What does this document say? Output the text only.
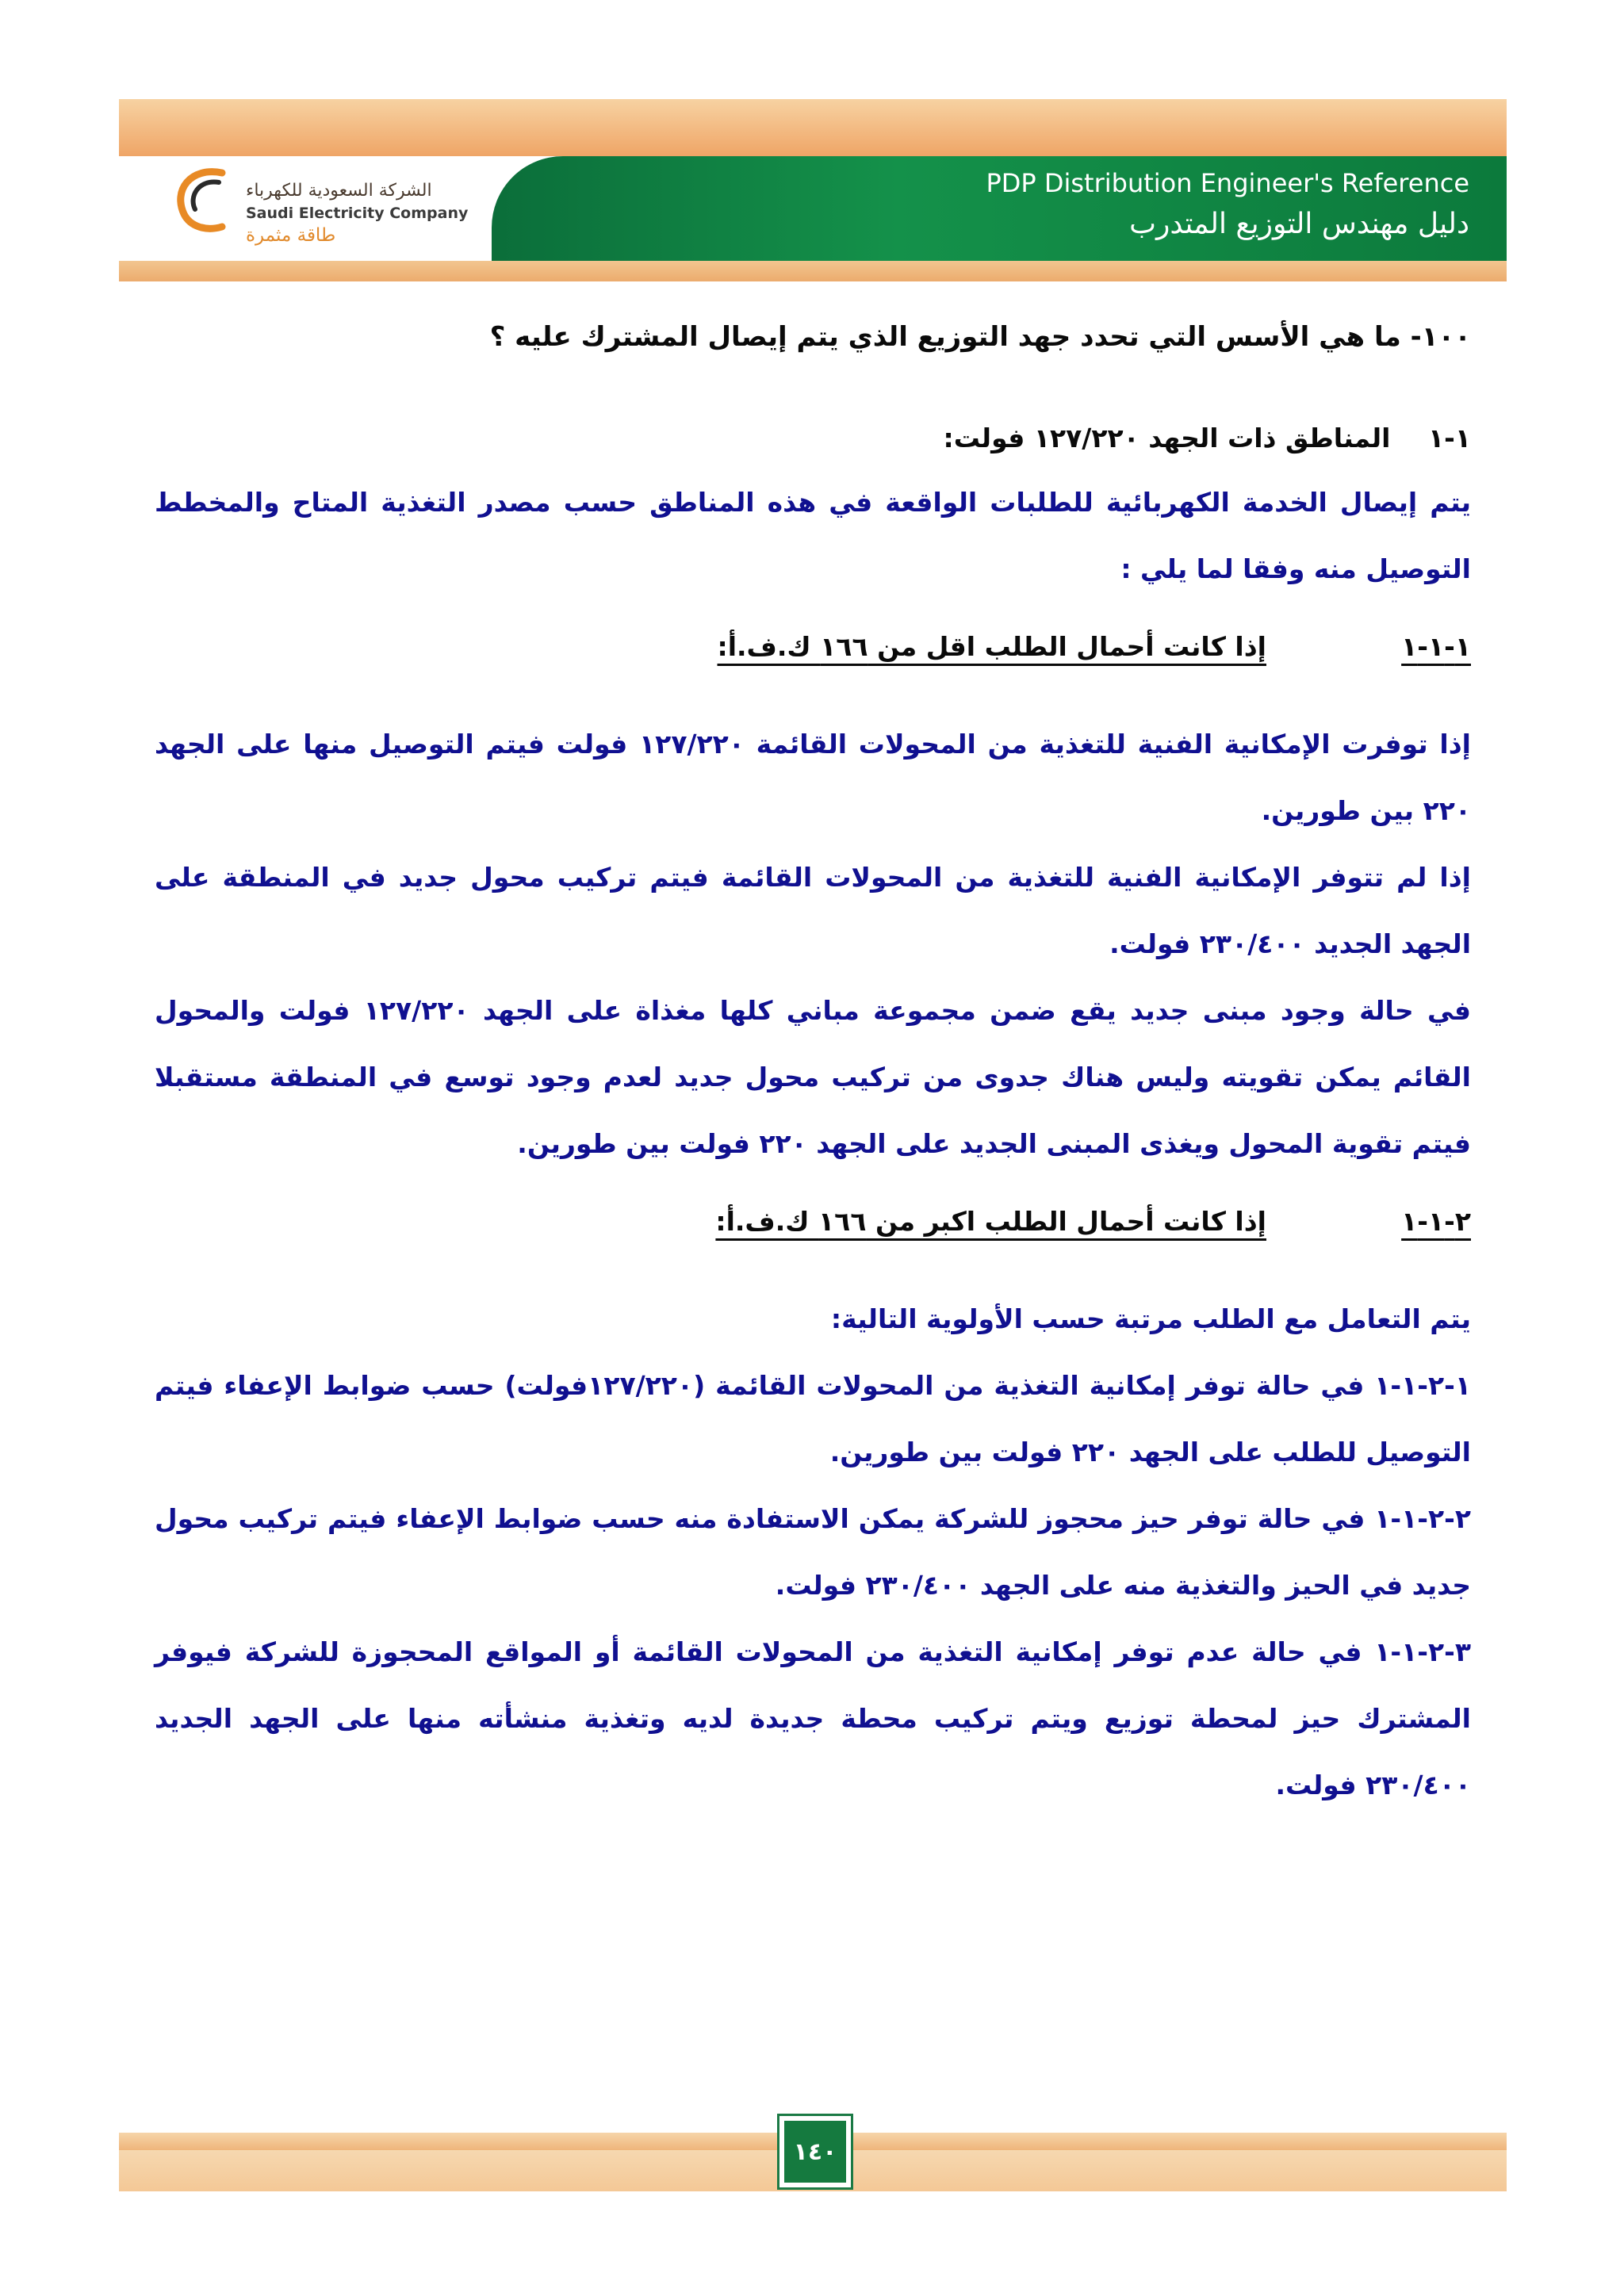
PDP Distribution Engineer's Reference
دليل مهندس التوزيع المتدرب
الشركة السعودية للكهرباء
Saudi Electricity Company
طاقة مثمرة

١٠٠- ما هي الأسس التي تحدد جهد التوزيع الذي يتم إيصال المشترك عليه ؟

١-١ المناطق ذات الجهد ١٢٧/٢٢٠ فولت:

يتم إيصال الخدمة الكهربائية للطلبات الواقعة في هذه المناطق حسب مصدر التغذية المتاح والمخطط التوصيل منه وفقا لما يلي :

١-١-١إذا كانت أحمال الطلب اقل من ١٦٦ ك.ف.أ:

إذا توفرت الإمكانية الفنية للتغذية من المحولات القائمة ١٢٧/٢٢٠ فولت فيتم التوصيل منها على الجهد ٢٢٠ بين طورين.

إذا لم تتوفر الإمكانية الفنية للتغذية من المحولات القائمة فيتم تركيب محول جديد في المنطقة على الجهد الجديد ٢٣٠/٤٠٠ فولت.

في حالة وجود مبنى جديد يقع ضمن مجموعة مباني كلها مغذاة على الجهد ١٢٧/٢٢٠ فولت والمحول القائم يمكن تقويته وليس هناك جدوى من تركيب محول جديد لعدم وجود توسع في المنطقة مستقبلا فيتم تقوية المحول ويغذى المبنى الجديد على الجهد ٢٢٠ فولت بين طورين.

٢-١-١إذا كانت أحمال الطلب اكبر من ١٦٦ ك.ف.أ:

يتم التعامل مع الطلب مرتبة حسب الأولوية التالية:

١-٢-١-١ في حالة توفر إمكانية التغذية من المحولات القائمة (١٢٧/٢٢٠فولت) حسب ضوابط الإعفاء فيتم التوصيل للطلب على الجهد ٢٢٠ فولت بين طورين.

٢-٢-١-١ في حالة توفر حيز محجوز للشركة يمكن الاستفادة منه حسب ضوابط الإعفاء فيتم تركيب محول جديد في الحيز والتغذية منه على الجهد ٢٣٠/٤٠٠ فولت.

٣-٢-١-١ في حالة عدم توفر إمكانية التغذية من المحولات القائمة أو المواقع المحجوزة للشركة فيوفر المشترك حيز لمحطة توزيع ويتم تركيب محطة جديدة لديه وتغذية منشأته منها على الجهد الجديد ٢٣٠/٤٠٠ فولت.

١٤٠
